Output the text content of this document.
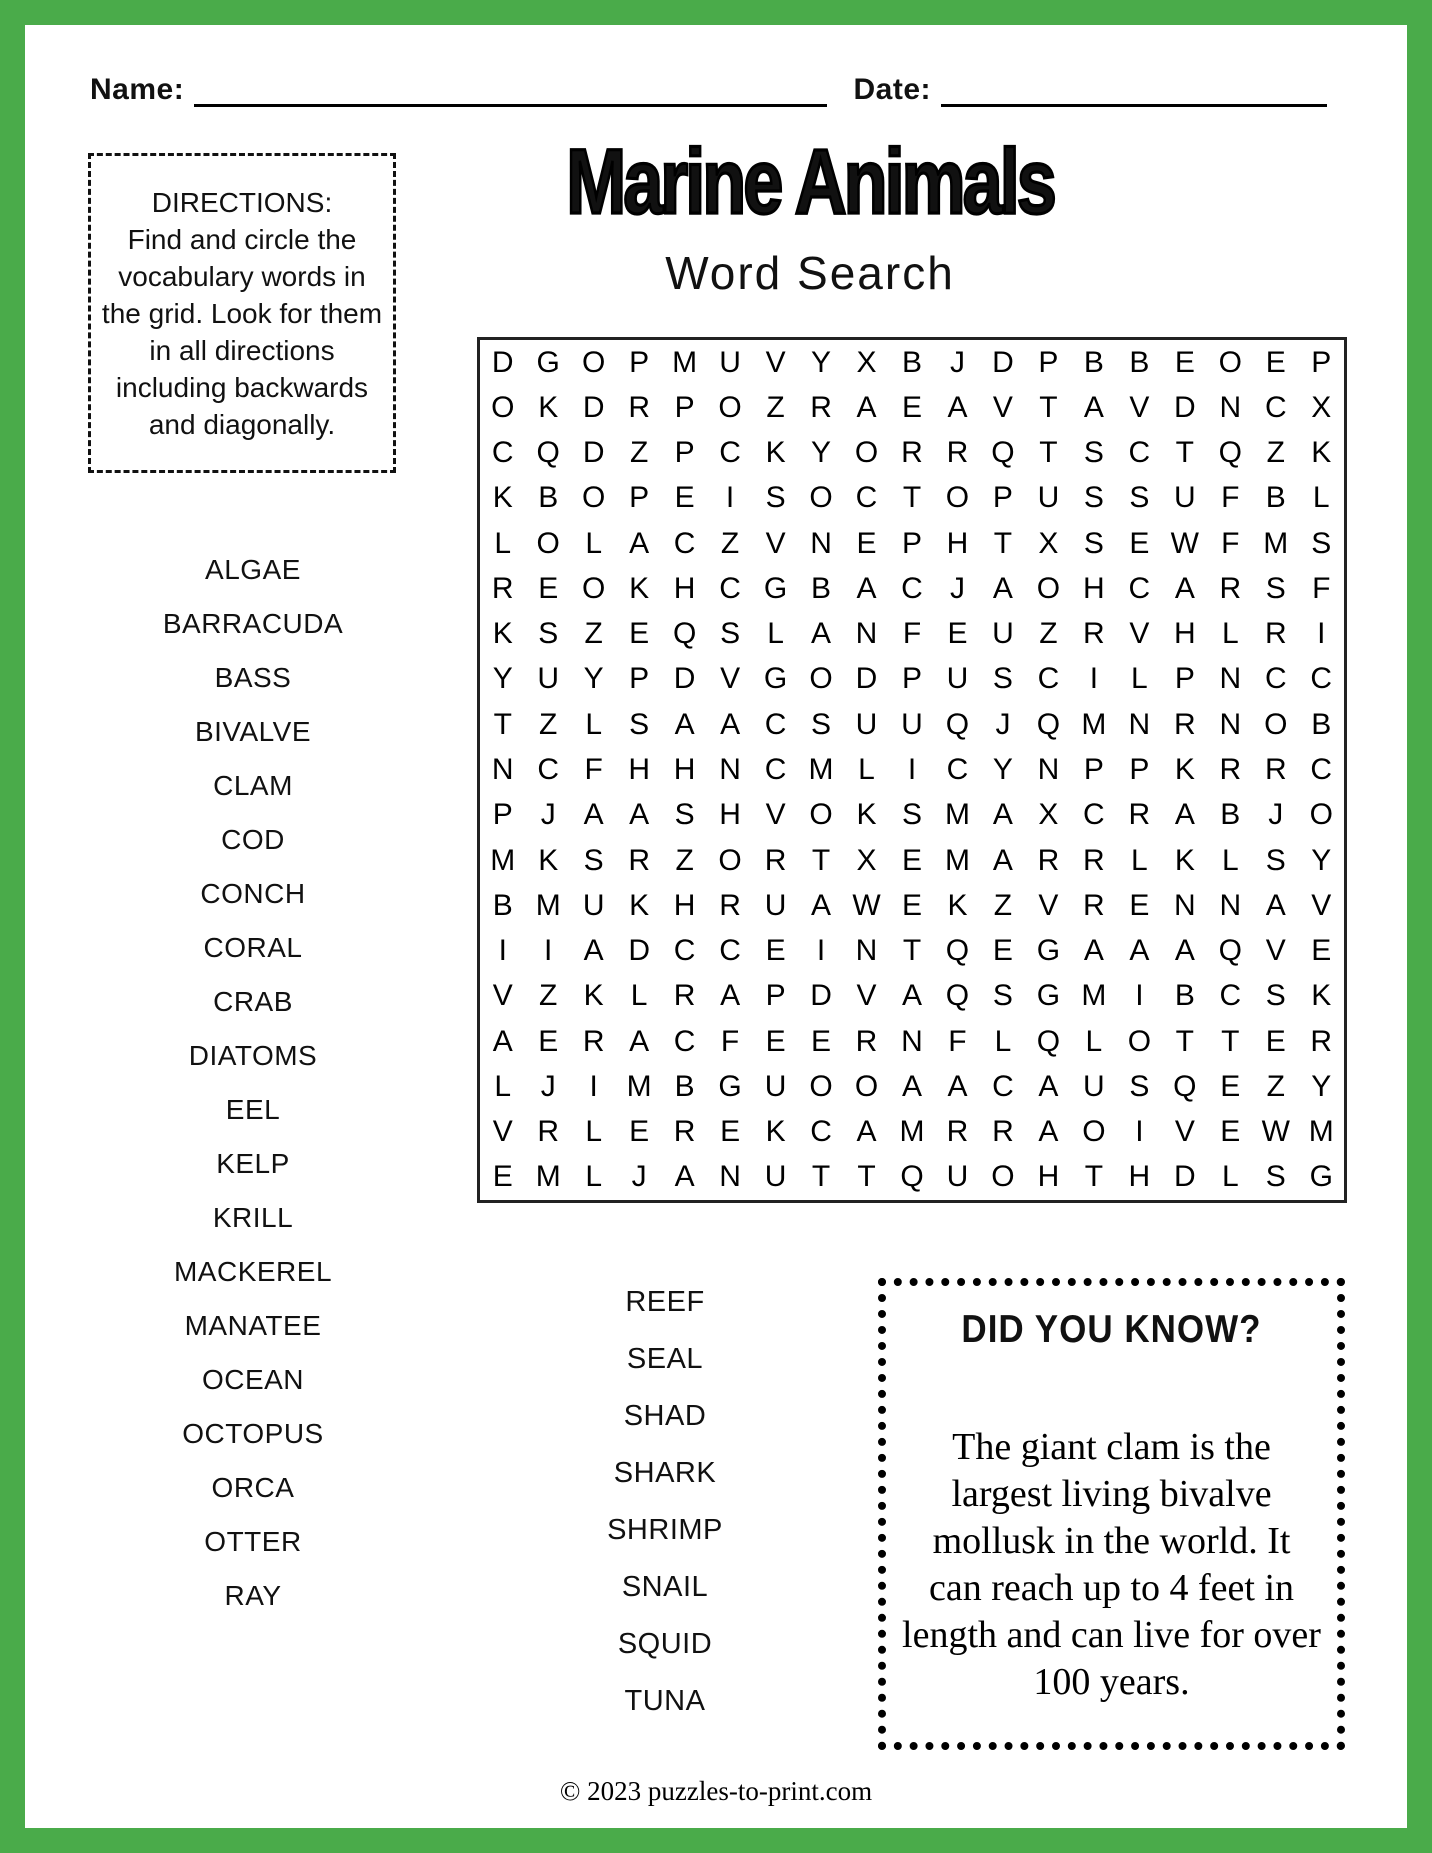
Name:	Date:
DIRECTIONS:
Find and circle the vocabulary words in the grid. Look for them in all directions including backwards and diagonally.
Marine Animals
Word Search
D G O P M U V Y X B J D P B B E O E P
O K D R P O Z R A E A V T A V D N C X
C Q D Z P C K Y O R R Q T S C T Q Z K
K B O P E	I	S O C T O P U S S U F B L
L O L A C Z V N E P H T X S E W F M S
R E O K H C G B A C J A O H C A R S F
K S Z E Q S L A N F E U Z R V H L R	I
Y U Y P D V G O D P U S C	I	L P N C C
T Z L S A A C S U U Q J Q M N R N O B
N C F H H N C M L	I	C Y N P P K R R C
P J A A S H V O K S M A X C R A B J O
M K S R Z O R T X E M A R R L K L S Y
B M U K H R U A W E K Z V R E N N A V
I	I	A D C C E	I	N T Q E G A A A Q V E
V Z K L R A P D V A Q S G M I	B C S K
A E R A C F E E R N F L Q L O T T E R
L J	I M B G U O O A A C A U S Q E Z Y
V R L E R E K C A M R R A O I	V E W M
E M L J A N U T T Q U O H T H D L S G
ALGAE
BARRACUDA
BASS
BIVALVE
CLAM
COD
CONCH
CORAL
CRAB
DIATOMS
EEL
KELP
KRILL
MACKEREL
MANATEE
OCEAN
OCTOPUS
ORCA
OTTER
RAY
REEF
SEAL
SHAD
SHARK
SHRIMP
SNAIL
SQUID
TUNA
DID YOU KNOW?
The giant clam is the largest living bivalve mollusk in the world. It can reach up to 4 feet in length and can live for over 100 years.
© 2023 puzzles-to-print.com
